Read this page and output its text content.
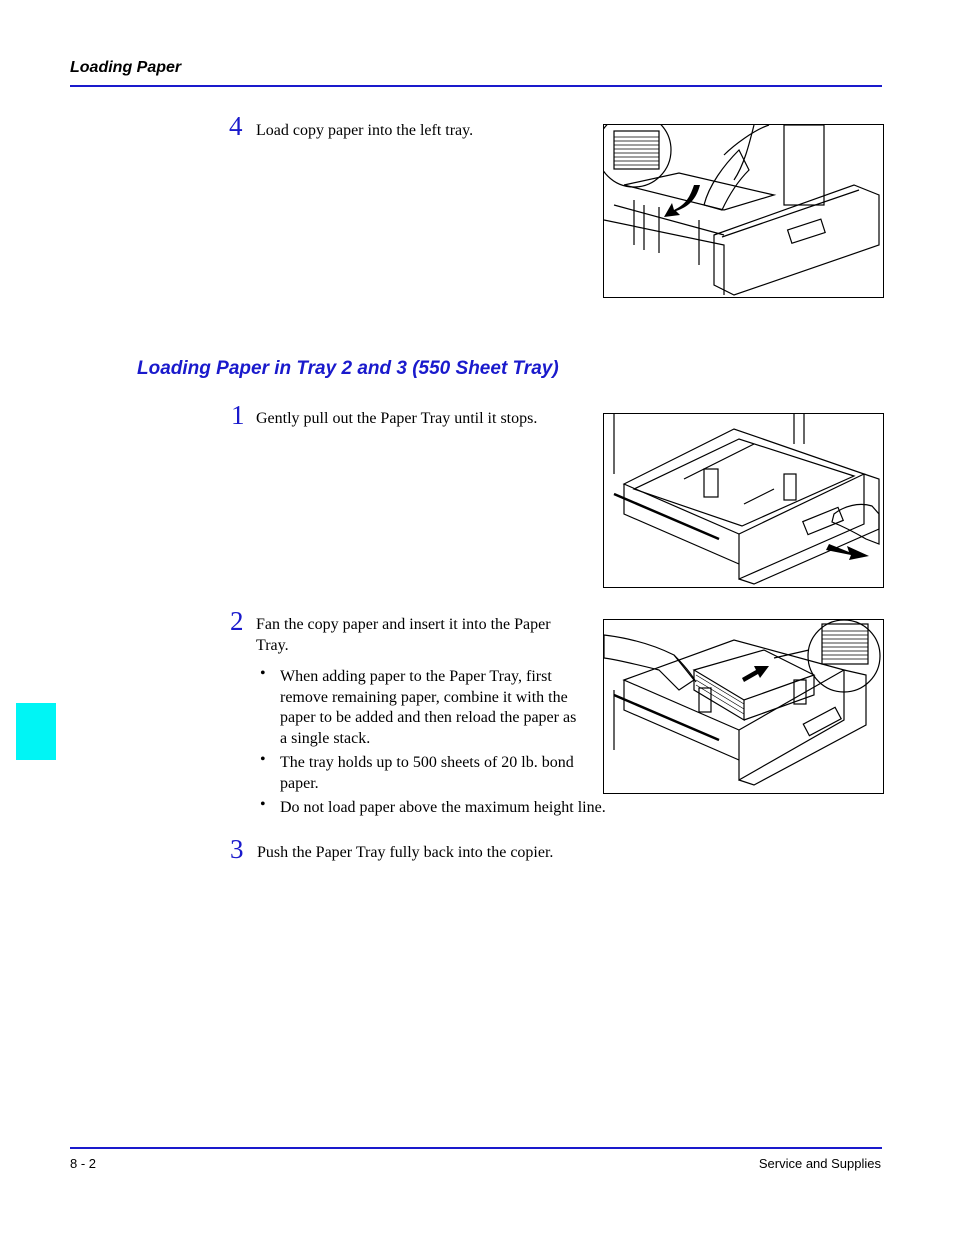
Loading Paper
4 Load copy paper into the left tray.
Loading Paper in Tray 2 and 3 (550 Sheet Tray)
1 Gently pull out the Paper Tray until it stops.
2 Fan the copy paper and insert it into the Paper
Tray.
• When adding paper to the Paper Tray, first
remove remaining paper, combine it with the
paper to be added and then reload the paper as
a single stack.
• The tray holds up to 500 sheets of 20 lb. bond
paper.
• Do not load paper above the maximum height line.
3 Push the Paper Tray fully back into the copier.
8 - 2	Service and Supplies
